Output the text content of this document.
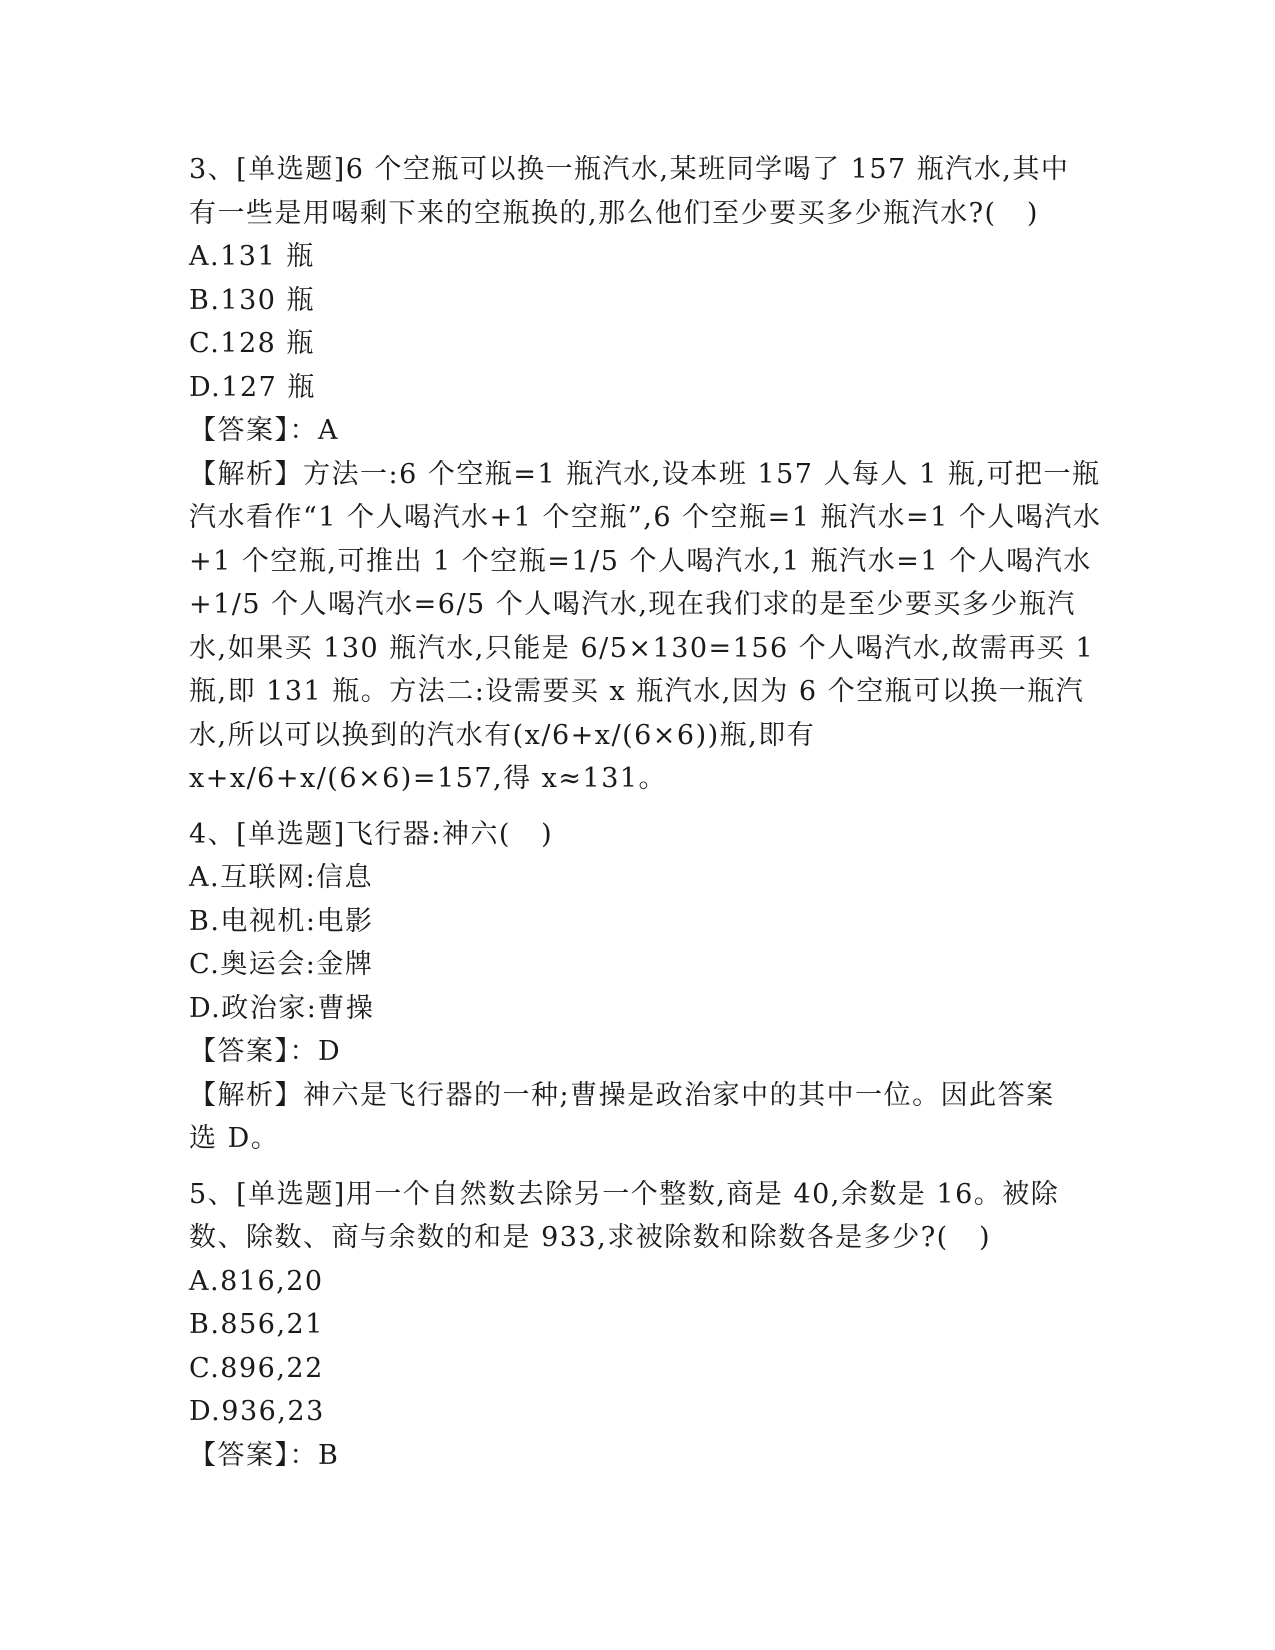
3、[单选题]6 个空瓶可以换一瓶汽水,某班同学喝了 157 瓶汽水,其中
有一些是用喝剩下来的空瓶换的,那么他们至少要买多少瓶汽水?(   )
A.131 瓶
B.130 瓶
C.128 瓶
D.127 瓶
【答案】：A
【解析】方法一:6 个空瓶=1 瓶汽水,设本班 157 人每人 1 瓶,可把一瓶
汽水看作“1 个人喝汽水+1 个空瓶”,6 个空瓶=1 瓶汽水=1 个人喝汽水
+1 个空瓶,可推出 1 个空瓶=1/5 个人喝汽水,1 瓶汽水=1 个人喝汽水
+1/5 个人喝汽水=6/5 个人喝汽水,现在我们求的是至少要买多少瓶汽
水,如果买 130 瓶汽水,只能是 6/5×130=156 个人喝汽水,故需再买 1
瓶,即 131 瓶。方法二:设需要买 x 瓶汽水,因为 6 个空瓶可以换一瓶汽
水,所以可以换到的汽水有(x/6+x/(6×6))瓶,即有
x+x/6+x/(6×6)=157,得 x≈131。
4、[单选题]飞行器:神六(   )
A.互联网:信息
B.电视机:电影
C.奥运会:金牌
D.政治家:曹操
【答案】：D
【解析】神六是飞行器的一种;曹操是政治家中的其中一位。因此答案
选 D。
5、[单选题]用一个自然数去除另一个整数,商是 40,余数是 16。被除
数、除数、商与余数的和是 933,求被除数和除数各是多少?(   )
A.816,20
B.856,21
C.896,22
D.936,23
【答案】：B
